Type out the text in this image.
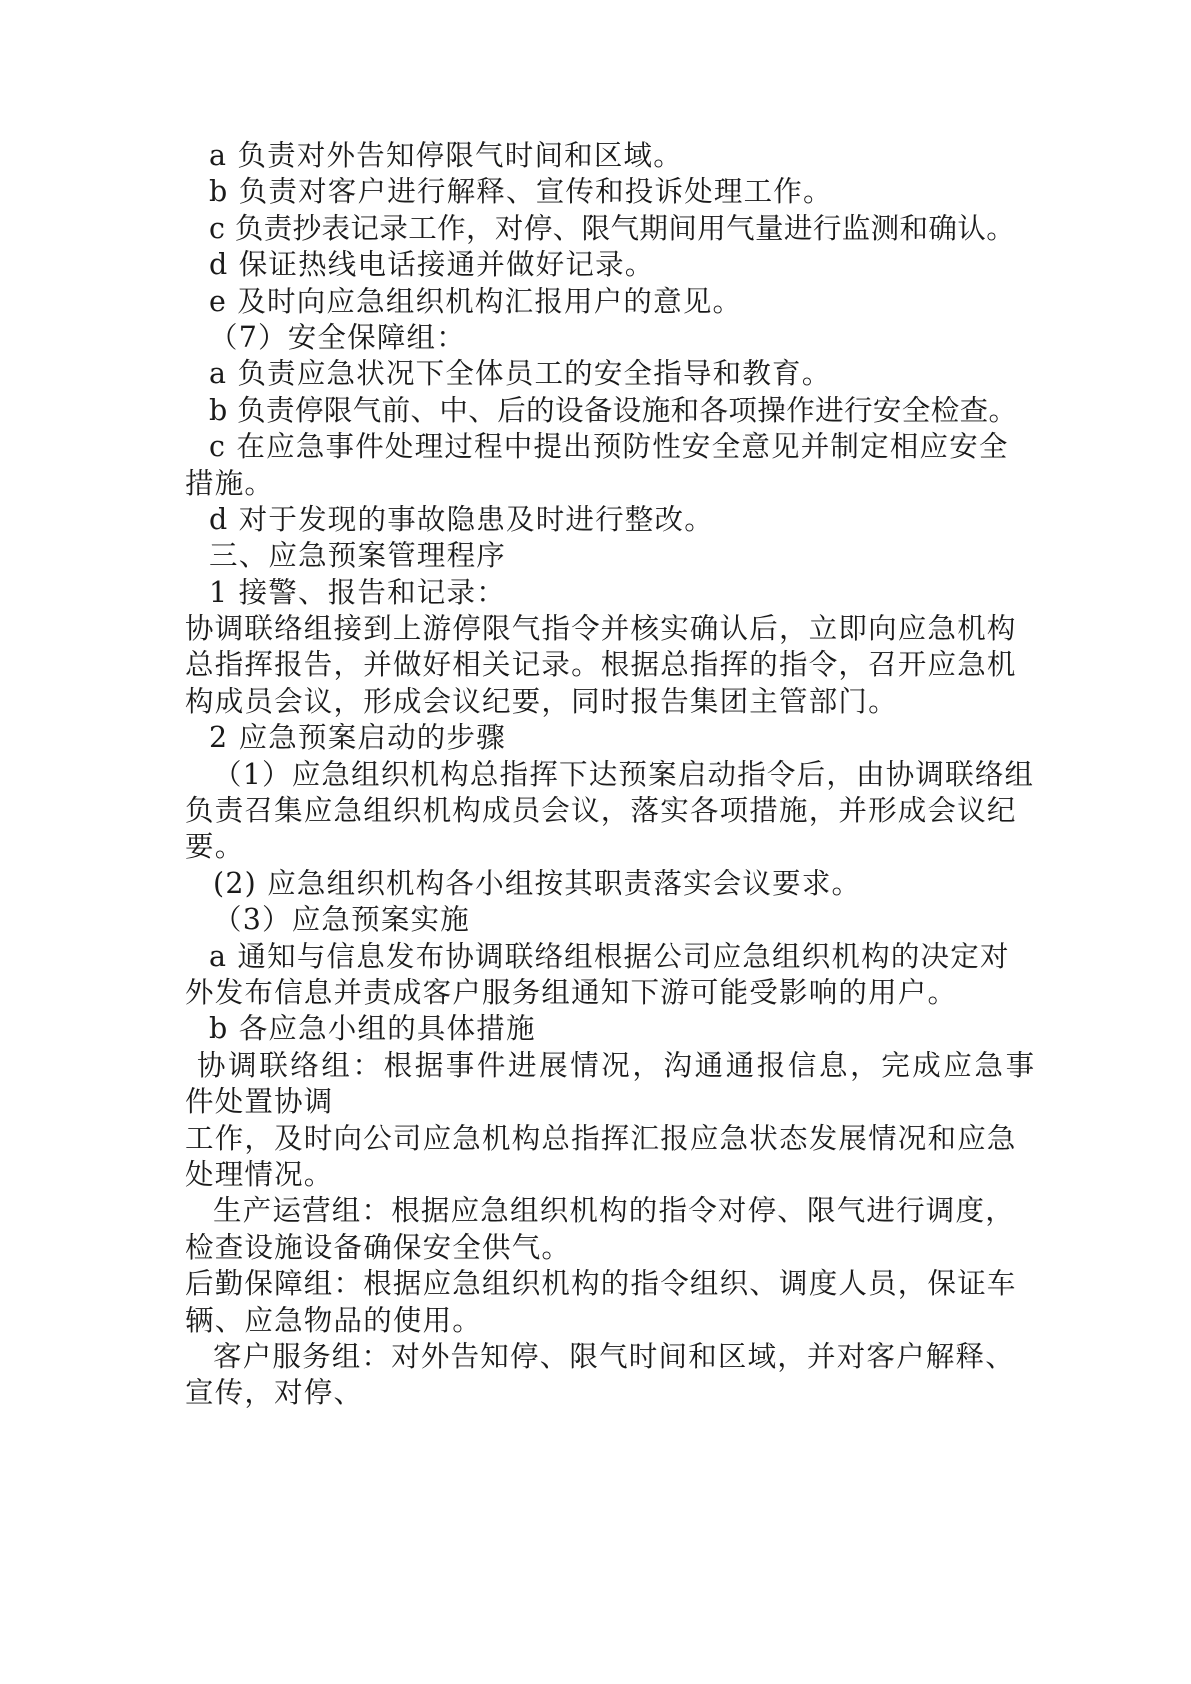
a 负责对外告知停限气时间和区域。

b 负责对客户进行解释、宣传和投诉处理工作。

c 负责抄表记录工作，对停、限气期间用气量进行监测和确认。

d 保证热线电话接通并做好记录。

e 及时向应急组织机构汇报用户的意见。

（7）安全保障组：

a 负责应急状况下全体员工的安全指导和教育。

b 负责停限气前、中、后的设备设施和各项操作进行安全检查。

c 在应急事件处理过程中提出预防性安全意见并制定相应安全

措施。

d 对于发现的事故隐患及时进行整改。

三、应急预案管理程序

1 接警、报告和记录：

协调联络组接到上游停限气指令并核实确认后，立即向应急机构

总指挥报告，并做好相关记录。根据总指挥的指令，召开应急机

构成员会议，形成会议纪要，同时报告集团主管部门。

2 应急预案启动的步骤

（1）应急组织机构总指挥下达预案启动指令后，由协调联络组

负责召集应急组织机构成员会议，落实各项措施，并形成会议纪

要。

(2) 应急组织机构各小组按其职责落实会议要求。

（3）应急预案实施

a 通知与信息发布协调联络组根据公司应急组织机构的决定对

外发布信息并责成客户服务组通知下游可能受影响的用户。

b 各应急小组的具体措施

协调联络组：根据事件进展情况，沟通通报信息，完成应急事

件处置协调

工作，及时向公司应急机构总指挥汇报应急状态发展情况和应急

处理情况。

生产运营组：根据应急组织机构的指令对停、限气进行调度，

检查设施设备确保安全供气。

后勤保障组：根据应急组织机构的指令组织、调度人员，保证车

辆、应急物品的使用。

客户服务组：对外告知停、限气时间和区域，并对客户解释、

宣传，对停、
